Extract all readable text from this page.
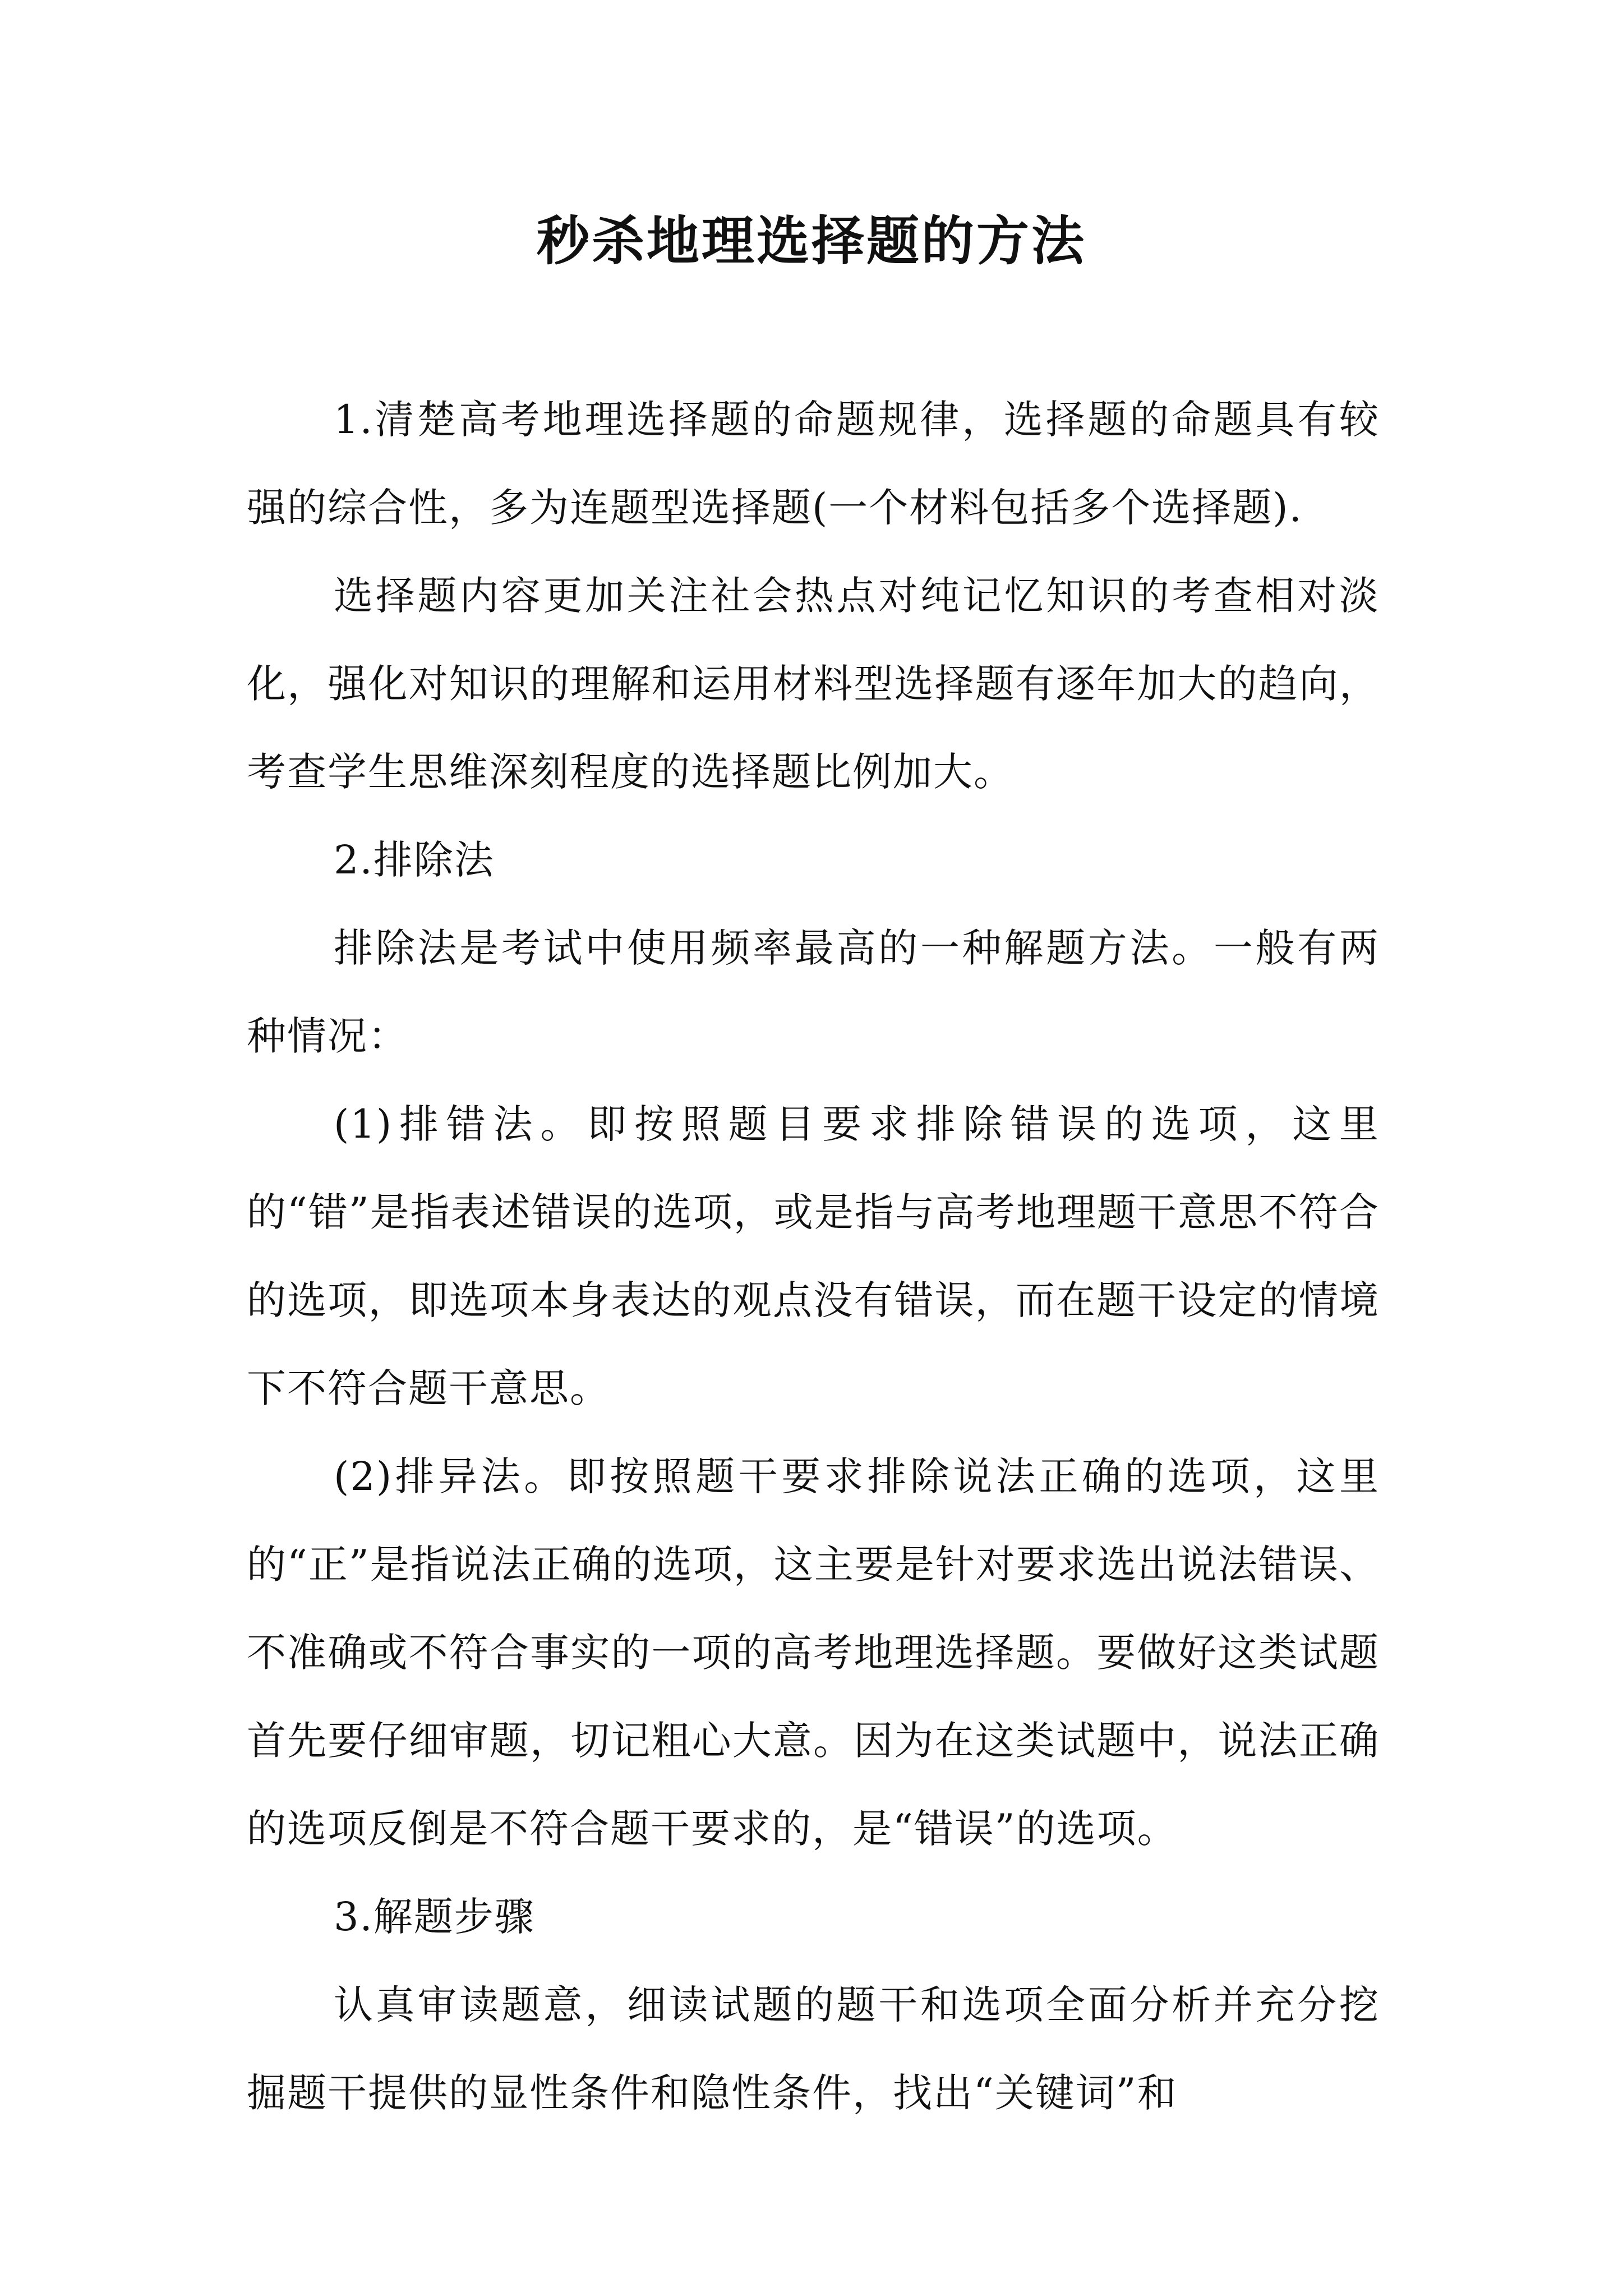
秒杀地理选择题的方法

1.清楚高考地理选择题的命题规律，选择题的命题具有较强的综合性，多为连题型选择题(一个材料包括多个选择题).

选择题内容更加关注社会热点对纯记忆知识的考查相对淡化，强化对知识的理解和运用材料型选择题有逐年加大的趋向，考查学生思维深刻程度的选择题比例加大。

2.排除法

排除法是考试中使用频率最高的一种解题方法。一般有两种情况：

(1)排错法。即按照题目要求排除错误的选项，这里的“错”是指表述错误的选项，或是指与高考地理题干意思不符合的选项，即选项本身表达的观点没有错误，而在题干设定的情境下不符合题干意思。

(2)排异法。即按照题干要求排除说法正确的选项，这里的“正”是指说法正确的选项，这主要是针对要求选出说法错误、不准确或不符合事实的一项的高考地理选择题。要做好这类试题首先要仔细审题，切记粗心大意。因为在这类试题中，说法正确的选项反倒是不符合题干要求的，是“错误”的选项。

3.解题步骤

认真审读题意，细读试题的题干和选项全面分析并充分挖掘题干提供的显性条件和隐性条件，找出“关键词”和
